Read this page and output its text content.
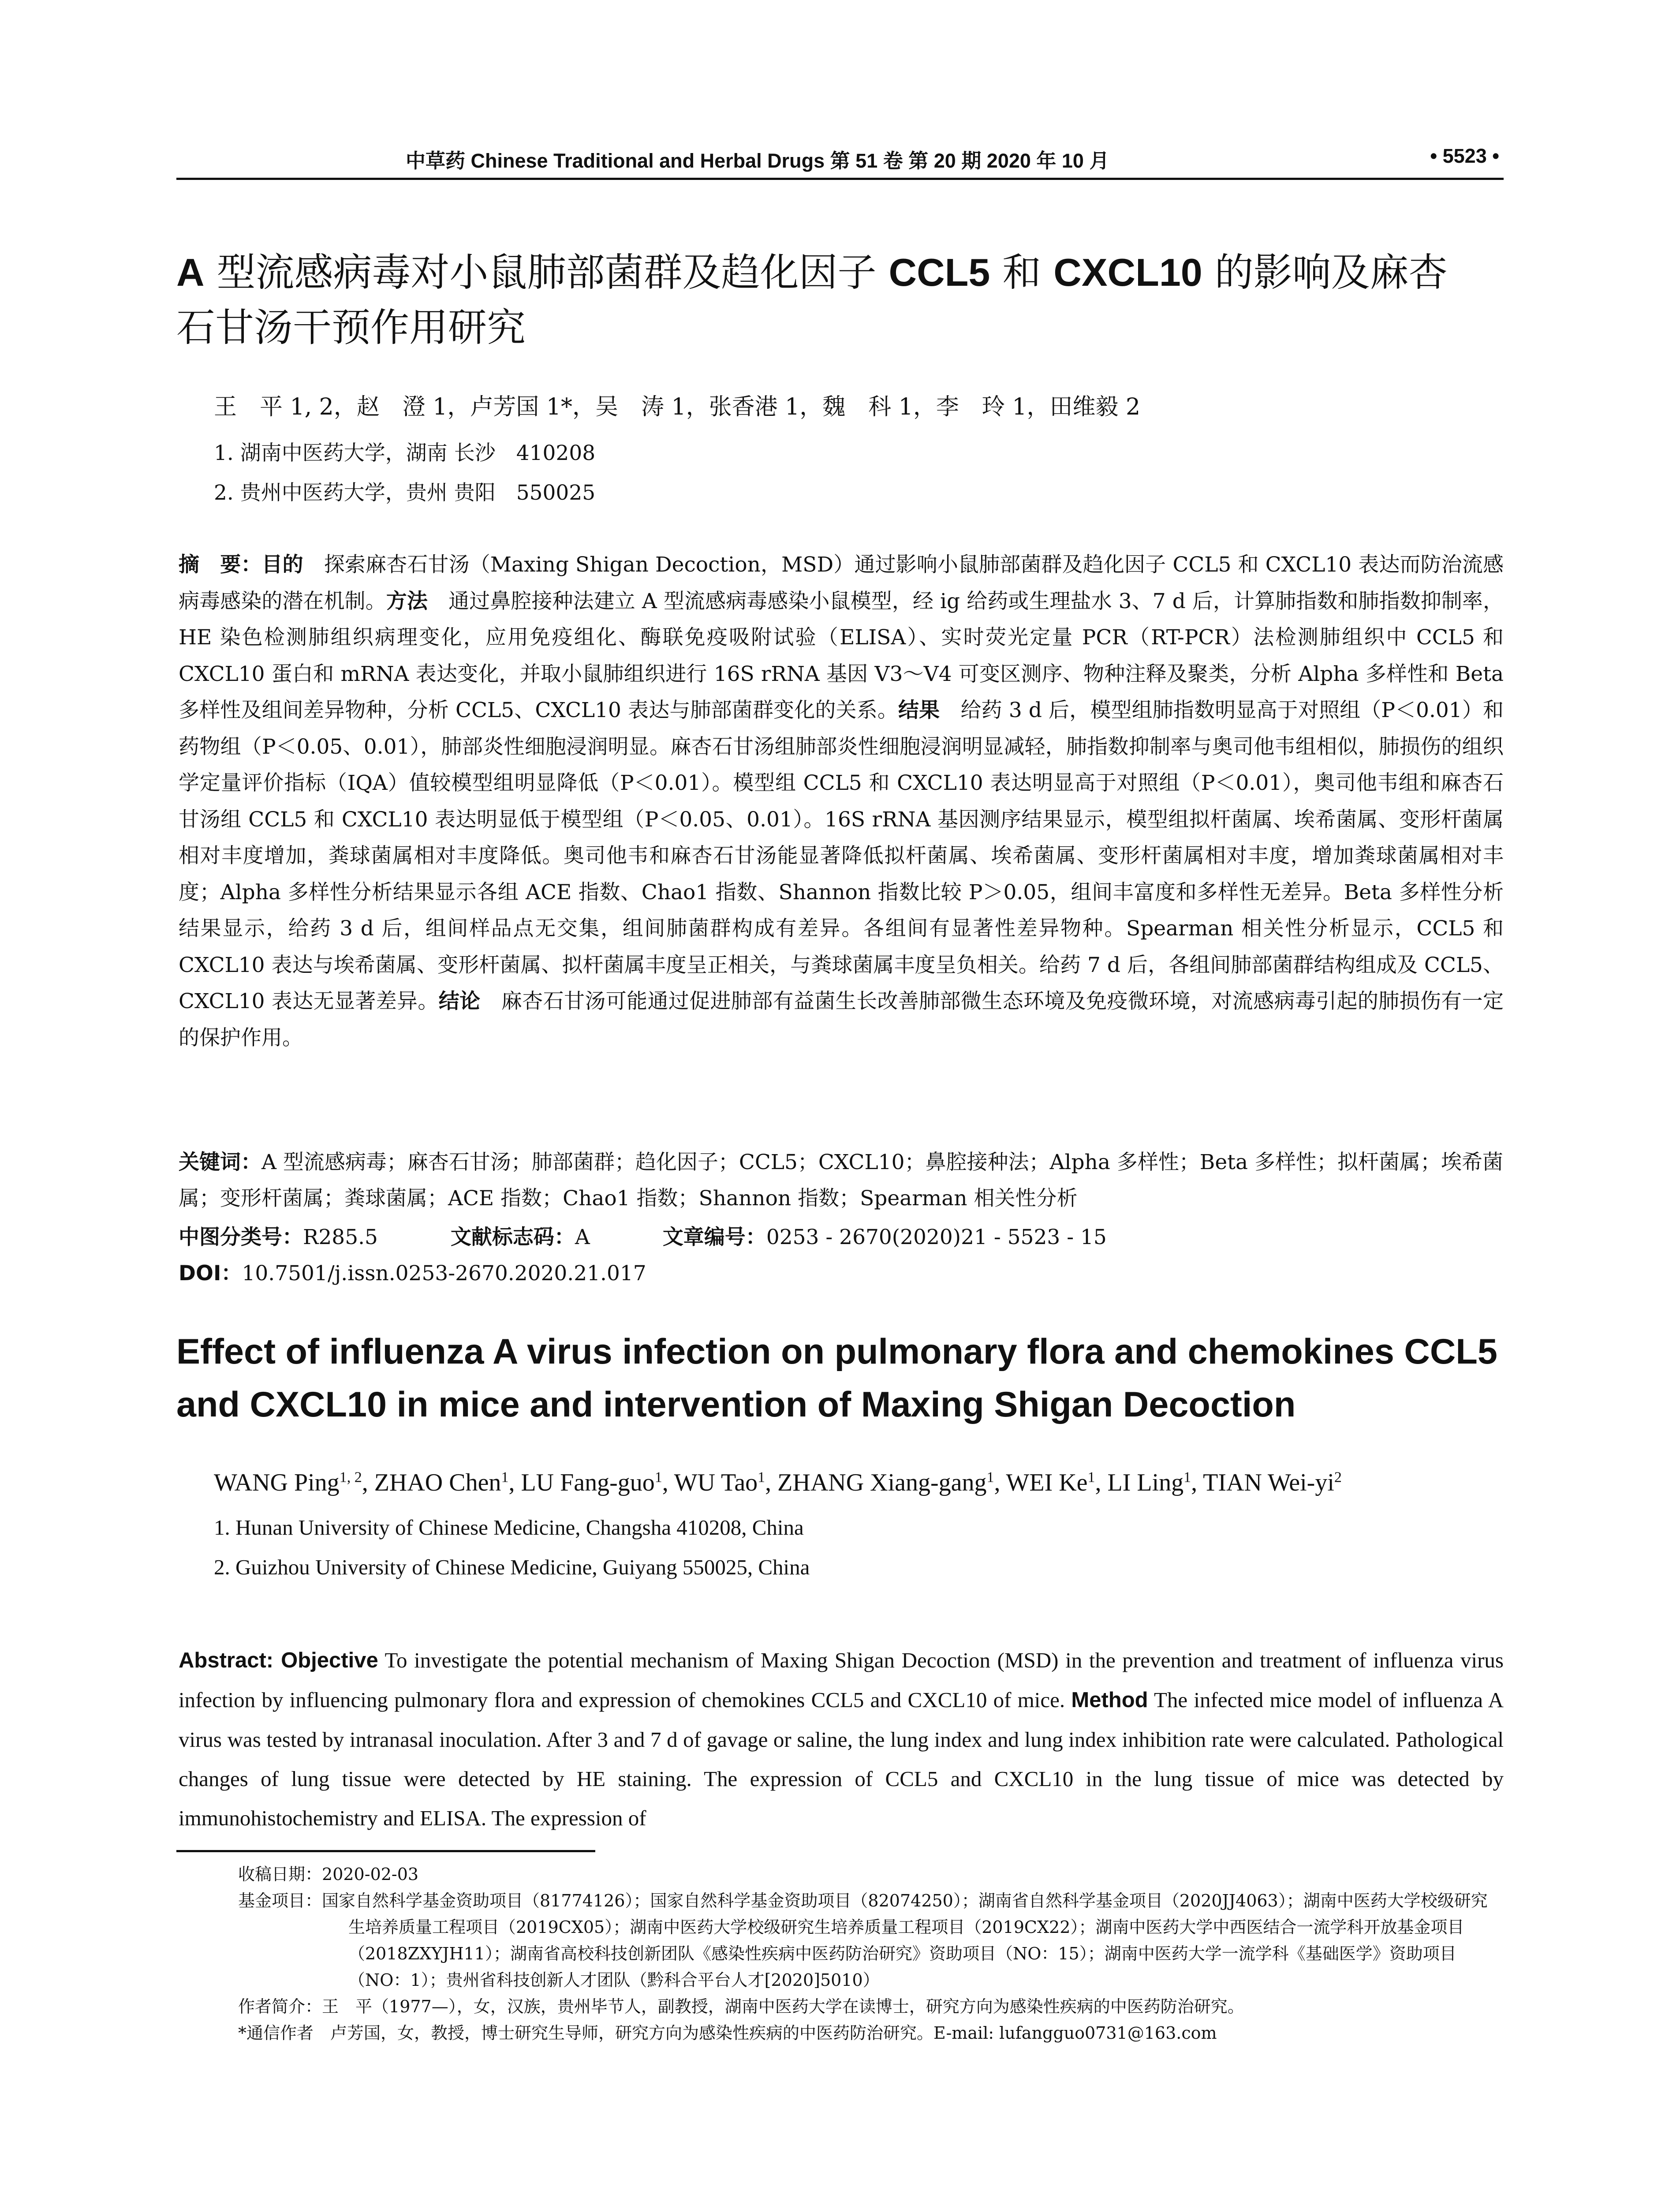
中草药 Chinese Traditional and Herbal Drugs 第 51 卷 第 20 期 2020 年 10 月	• 5523 •
A 型流感病毒对小鼠肺部菌群及趋化因子 CCL5 和 CXCL10 的影响及麻杏
石甘汤干预作用研究
王　平 1, 2，赵　澄 1，卢芳国 1*，吴　涛 1，张香港 1，魏　科 1，李　玲 1，田维毅 2
1. 湖南中医药大学，湖南 长沙　410208
2. 贵州中医药大学，贵州 贵阳　550025
摘　要：目的　探索麻杏石甘汤（Maxing Shigan Decoction，MSD）通过影响小鼠肺部菌群及趋化因子 CCL5 和 CXCL10 表达而防治流感病毒感染的潜在机制。方法　通过鼻腔接种法建立 A 型流感病毒感染小鼠模型，经 ig 给药或生理盐水 3、7 d 后，计算肺指数和肺指数抑制率，HE 染色检测肺组织病理变化，应用免疫组化、酶联免疫吸附试验（ELISA）、实时荧光定量 PCR（RT-PCR）法检测肺组织中 CCL5 和 CXCL10 蛋白和 mRNA 表达变化，并取小鼠肺组织进行 16S rRNA 基因 V3～V4 可变区测序、物种注释及聚类，分析 Alpha 多样性和 Beta 多样性及组间差异物种，分析 CCL5、CXCL10 表达与肺部菌群变化的关系。结果　给药 3 d 后，模型组肺指数明显高于对照组（P＜0.01）和药物组（P＜0.05、0.01），肺部炎性细胞浸润明显。麻杏石甘汤组肺部炎性细胞浸润明显减轻，肺指数抑制率与奥司他韦组相似，肺损伤的组织学定量评价指标（IQA）值较模型组明显降低（P＜0.01）。模型组 CCL5 和 CXCL10 表达明显高于对照组（P＜0.01），奥司他韦组和麻杏石甘汤组 CCL5 和 CXCL10 表达明显低于模型组（P＜0.05、0.01）。16S rRNA 基因测序结果显示，模型组拟杆菌属、埃希菌属、变形杆菌属相对丰度增加，粪球菌属相对丰度降低。奥司他韦和麻杏石甘汤能显著降低拟杆菌属、埃希菌属、变形杆菌属相对丰度，增加粪球菌属相对丰度；Alpha 多样性分析结果显示各组 ACE 指数、Chao1 指数、Shannon 指数比较 P＞0.05，组间丰富度和多样性无差异。Beta 多样性分析结果显示，给药 3 d 后，组间样品点无交集，组间肺菌群构成有差异。各组间有显著性差异物种。Spearman 相关性分析显示，CCL5 和 CXCL10 表达与埃希菌属、变形杆菌属、拟杆菌属丰度呈正相关，与粪球菌属丰度呈负相关。给药 7 d 后，各组间肺部菌群结构组成及 CCL5、CXCL10 表达无显著差异。结论　麻杏石甘汤可能通过促进肺部有益菌生长改善肺部微生态环境及免疫微环境，对流感病毒引起的肺损伤有一定的保护作用。
关键词：A 型流感病毒；麻杏石甘汤；肺部菌群；趋化因子；CCL5；CXCL10；鼻腔接种法；Alpha 多样性；Beta 多样性；拟杆菌属；埃希菌属；变形杆菌属；粪球菌属；ACE 指数；Chao1 指数；Shannon 指数；Spearman 相关性分析
中图分类号：R285.5	文献标志码：A	文章编号：0253 - 2670(2020)21 - 5523 - 15
DOI：10.7501/j.issn.0253-2670.2020.21.017
Effect of influenza A virus infection on pulmonary flora and chemokines CCL5
and CXCL10 in mice and intervention of Maxing Shigan Decoction
WANG Ping$^{1, 2}$, ZHAO Chen$^1$, LU Fang-guo$^1$, WU Tao$^1$, ZHANG Xiang-gang$^1$, WEI Ke$^1$, LI Ling$^1$, TIAN Wei-$yi^2$
1. Hunan University of Chinese Medicine, Changsha 410208, China
2. Guizhou University of Chinese Medicine, Guiyang 550025, China
Abstract: Objective To investigate the potential mechanism of Maxing Shigan Decoction (MSD) in the prevention and treatment of influenza virus infection by influencing pulmonary flora and expression of chemokines CCL5 and CXCL10 of mice. Method The infected mice model of influenza A virus was tested by intranasal inoculation. After 3 and 7 d of gavage or saline, the lung index and lung index inhibition rate were calculated. Pathological changes of lung tissue were detected by HE staining. The expression of CCL5 and CXCL10 in the lung tissue of mice was detected by immunohistochemistry and ELISA. The expression of
收稿日期：2020-02-03
基金项目：国家自然科学基金资助项目（81774126）；国家自然科学基金资助项目（82074250）；湖南省自然科学基金项目（2020JJ4063）；湖南中医药大学校级研究生培养质量工程项目（2019CX05）；湖南中医药大学校级研究生培养质量工程项目（2019CX22）；湖南中医药大学中西医结合一流学科开放基金项目（2018ZXYJH11）；湖南省高校科技创新团队《感染性疾病中医药防治研究》资助项目（NO：15）；湖南中医药大学一流学科《基础医学》资助项目（NO：1）；贵州省科技创新人才团队（黔科合平台人才[2020]5010）
作者简介：王　平（1977—），女，汉族，贵州毕节人，副教授，湖南中医药大学在读博士，研究方向为感染性疾病的中医药防治研究。
*通信作者　卢芳国，女，教授，博士研究生导师，研究方向为感染性疾病的中医药防治研究。E-mail: lufangguo0731@163.com
